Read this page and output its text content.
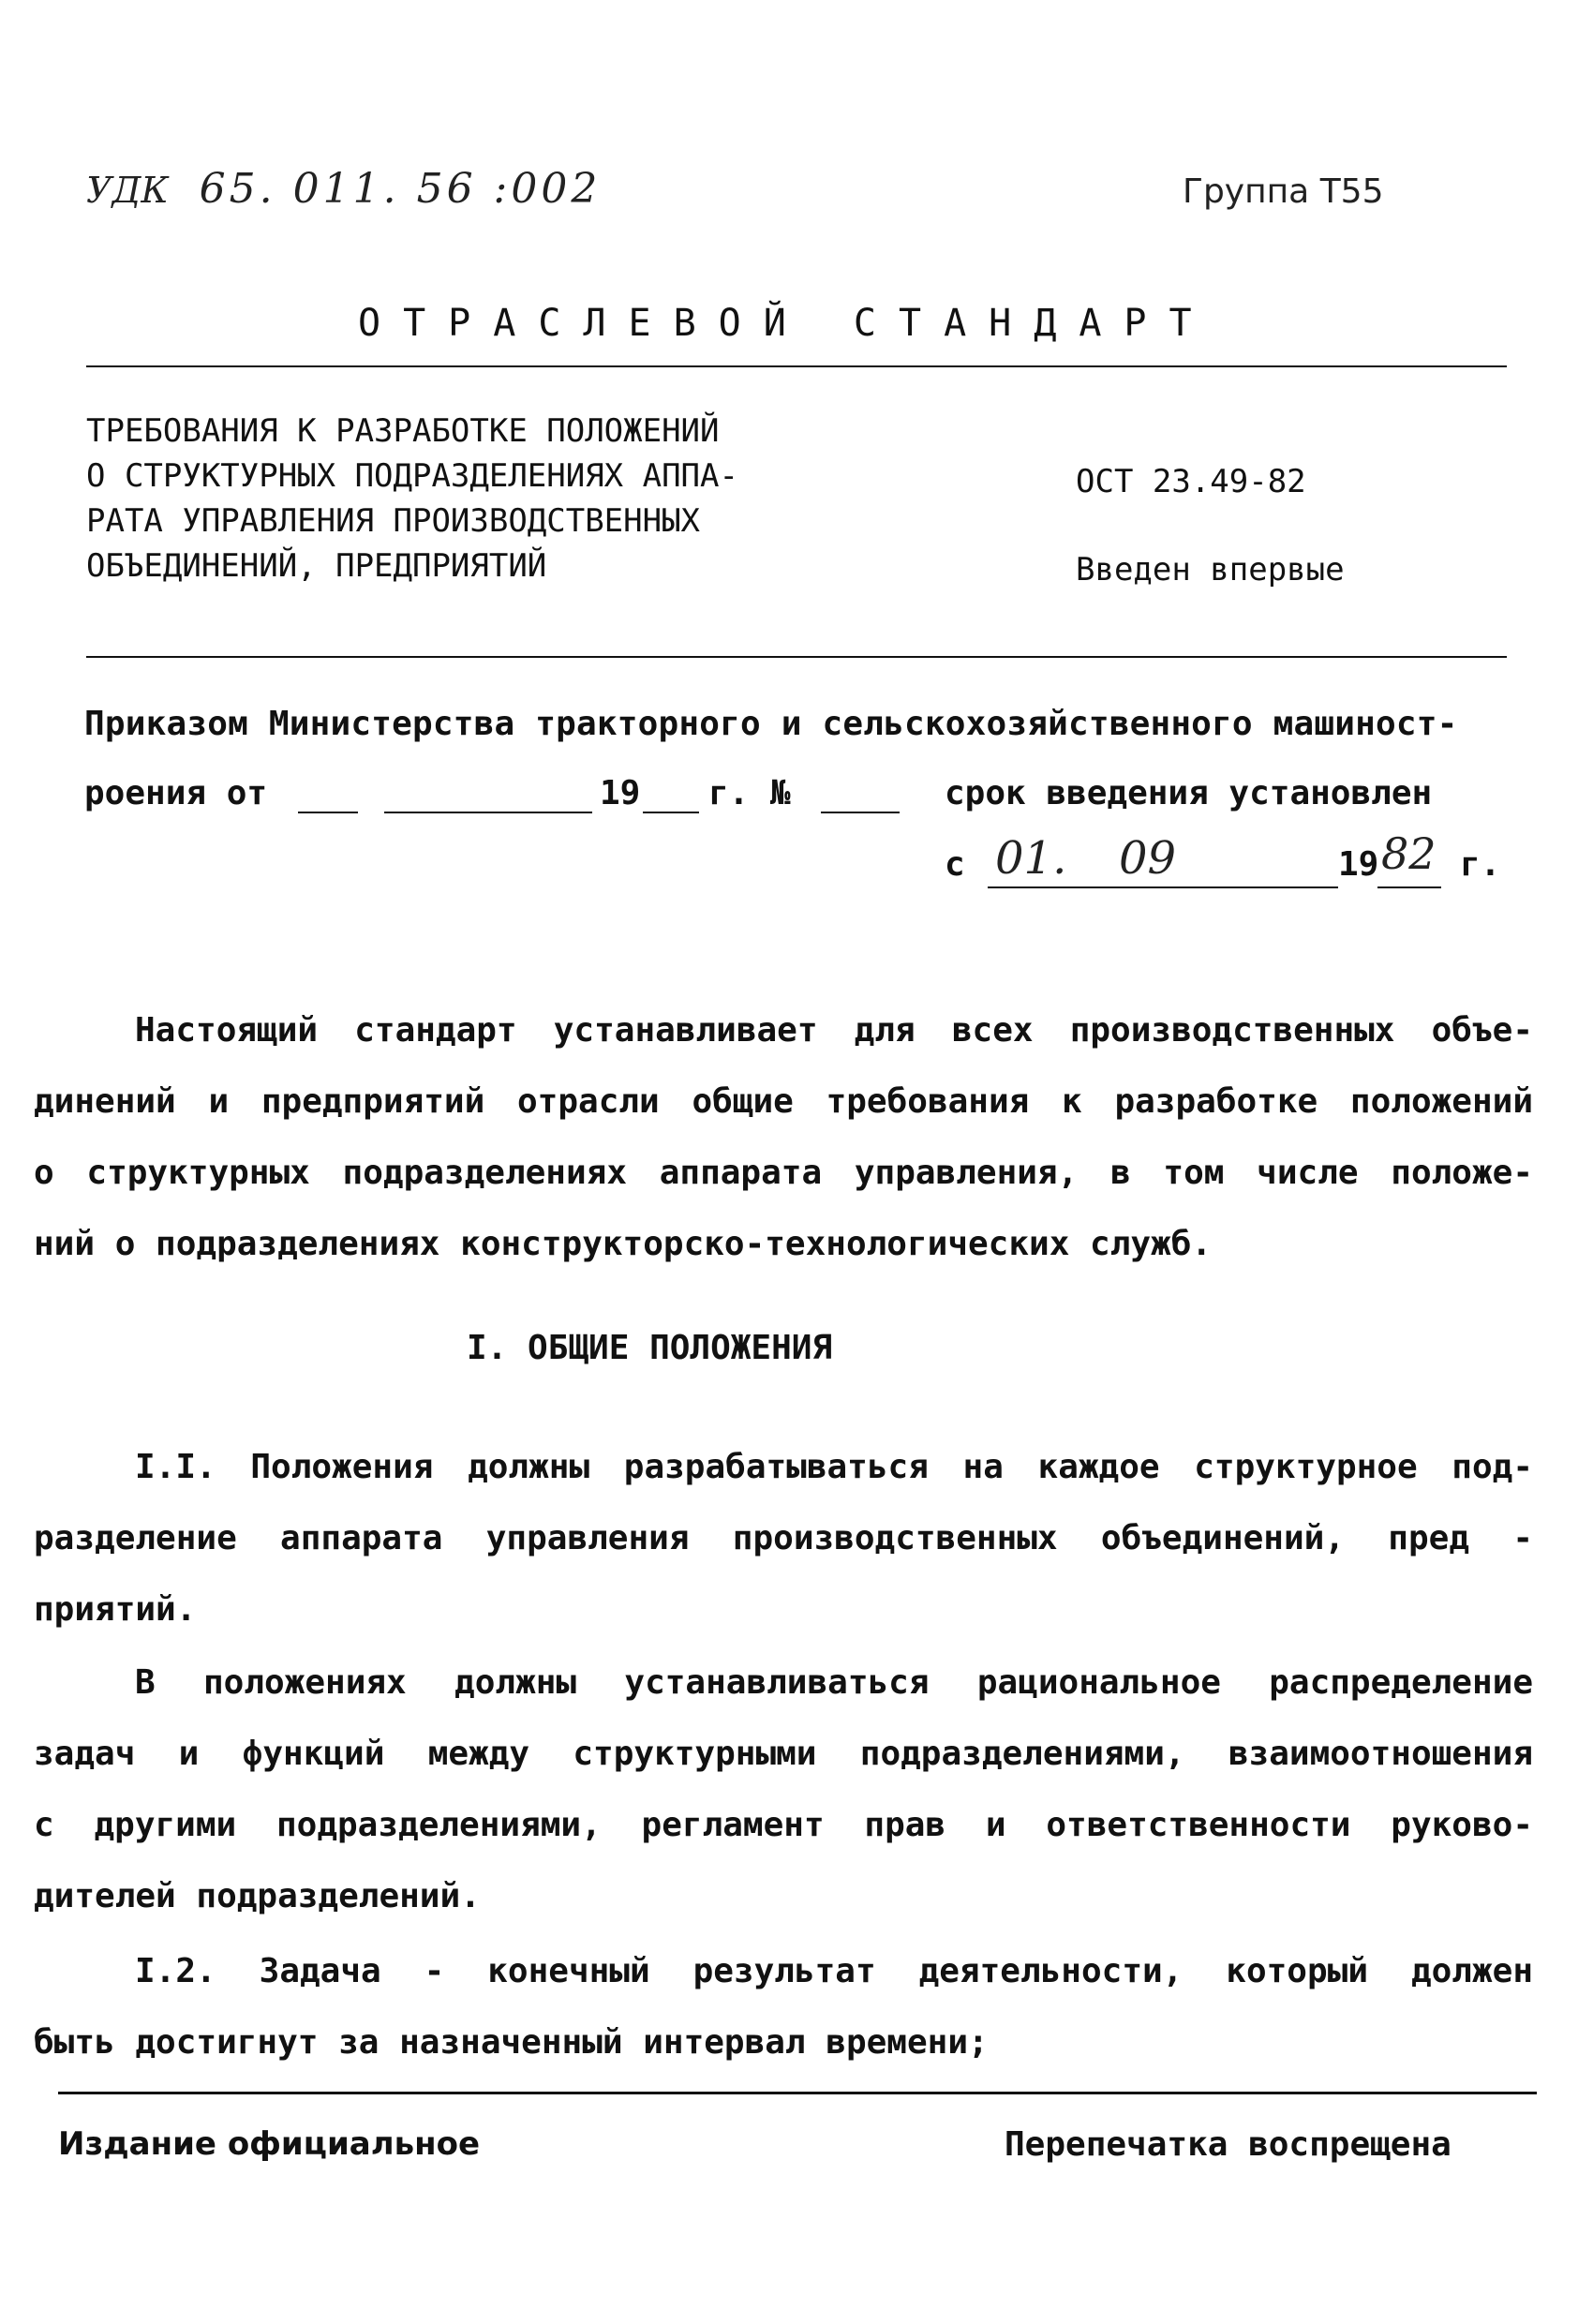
УДК 65. 011. 56 :002	Группа Т55
ОТРАСЛЕВОЙ СТАНДАРТ
ТРЕБОВАНИЯ К РАЗРАБОТКЕ ПОЛОЖЕНИЙ
О СТРУКТУРНЫХ ПОДРАЗДЕЛЕНИЯХ АППА-
РАТА УПРАВЛЕНИЯ ПРОИЗВОДСТВЕННЫХ
ОБЪЕДИНЕНИЙ, ПРЕДПРИЯТИЙ
ОСТ 23.49-82
Введен впервые
Приказом Министерства тракторного и сельскохозяйственного машиност-
роения от	19 г. №	срок введения установлен
с 01. 09	19 82 г.
Настоящий стандарт устанавливает для всех производственных объе-
динений и предприятий отрасли общие требования к разработке положений
о структурных подразделениях аппарата управления, в том числе положе-
ний о подразделениях конструкторско-технологических служб.
I. ОБЩИЕ ПОЛОЖЕНИЯ
I.I. Положения должны разрабатываться на каждое структурное под-
разделение аппарата управления производственных объединений, пред -
приятий.
В положениях должны устанавливаться рациональное распределение
задач и функций между структурными подразделениями, взаимоотношения
с другими подразделениями, регламент прав и ответственности руково-
дителей подразделений.
I.2. Задача - конечный результат деятельности, который должен
быть достигнут за назначенный интервал времени;
Издание официальное	Перепечатка воспрещена
